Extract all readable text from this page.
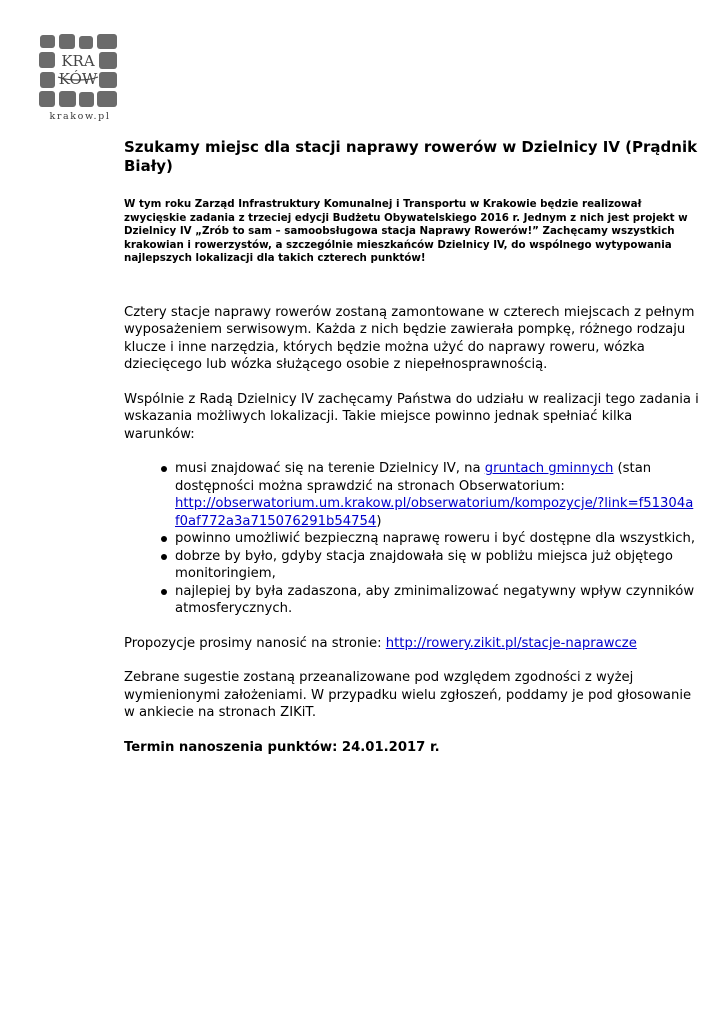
KRA
KÓW
krakow.pl
Szukamy miejsc dla stacji naprawy rowerów w Dzielnicy IV (Prądnik Biały)

W tym roku Zarząd Infrastruktury Komunalnej i Transportu w Krakowie będzie realizował zwycięskie zadania z trzeciej edycji Budżetu Obywatelskiego 2016 r. Jednym z nich jest projekt w Dzielnicy IV „Zrób to sam – samoobsługowa stacja Naprawy Rowerów!” Zachęcamy wszystkich krakowian i rowerzystów, a szczególnie mieszkańców Dzielnicy IV, do wspólnego wytypowania najlepszych lokalizacji dla takich czterech punktów!

Cztery stacje naprawy rowerów zostaną zamontowane w czterech miejscach z pełnym wyposażeniem serwisowym. Każda z nich będzie zawierała pompkę, różnego rodzaju klucze i inne narzędzia, których będzie można użyć do naprawy roweru, wózka dziecięcego lub wózka służącego osobie z niepełnosprawnością.

Wspólnie z Radą Dzielnicy IV zachęcamy Państwa do udziału w realizacji tego zadania i wskazania możliwych lokalizacji. Takie miejsce powinno jednak spełniać kilka warunków:

musi znajdować się na terenie Dzielnicy IV, na gruntach gminnych (stan dostępności można sprawdzić na stronach Obserwatorium:
http://obserwatorium.um.krakow.pl/obserwatorium/kompozycje/?link=f51304a
f0af772a3a715076291b54754)
powinno umożliwić bezpieczną naprawę roweru i być dostępne dla wszystkich,
dobrze by było, gdyby stacja znajdowała się w pobliżu miejsca już objętego monitoringiem,
najlepiej by była zadaszona, aby zminimalizować negatywny wpływ czynników atmosferycznych.

Propozycje prosimy nanosić na stronie: http://rowery.zikit.pl/stacje-naprawcze

Zebrane sugestie zostaną przeanalizowane pod względem zgodności z wyżej wymienionymi założeniami. W przypadku wielu zgłoszeń, poddamy je pod głosowanie w ankiecie na stronach ZIKiT.

Termin nanoszenia punktów: 24.01.2017 r.
